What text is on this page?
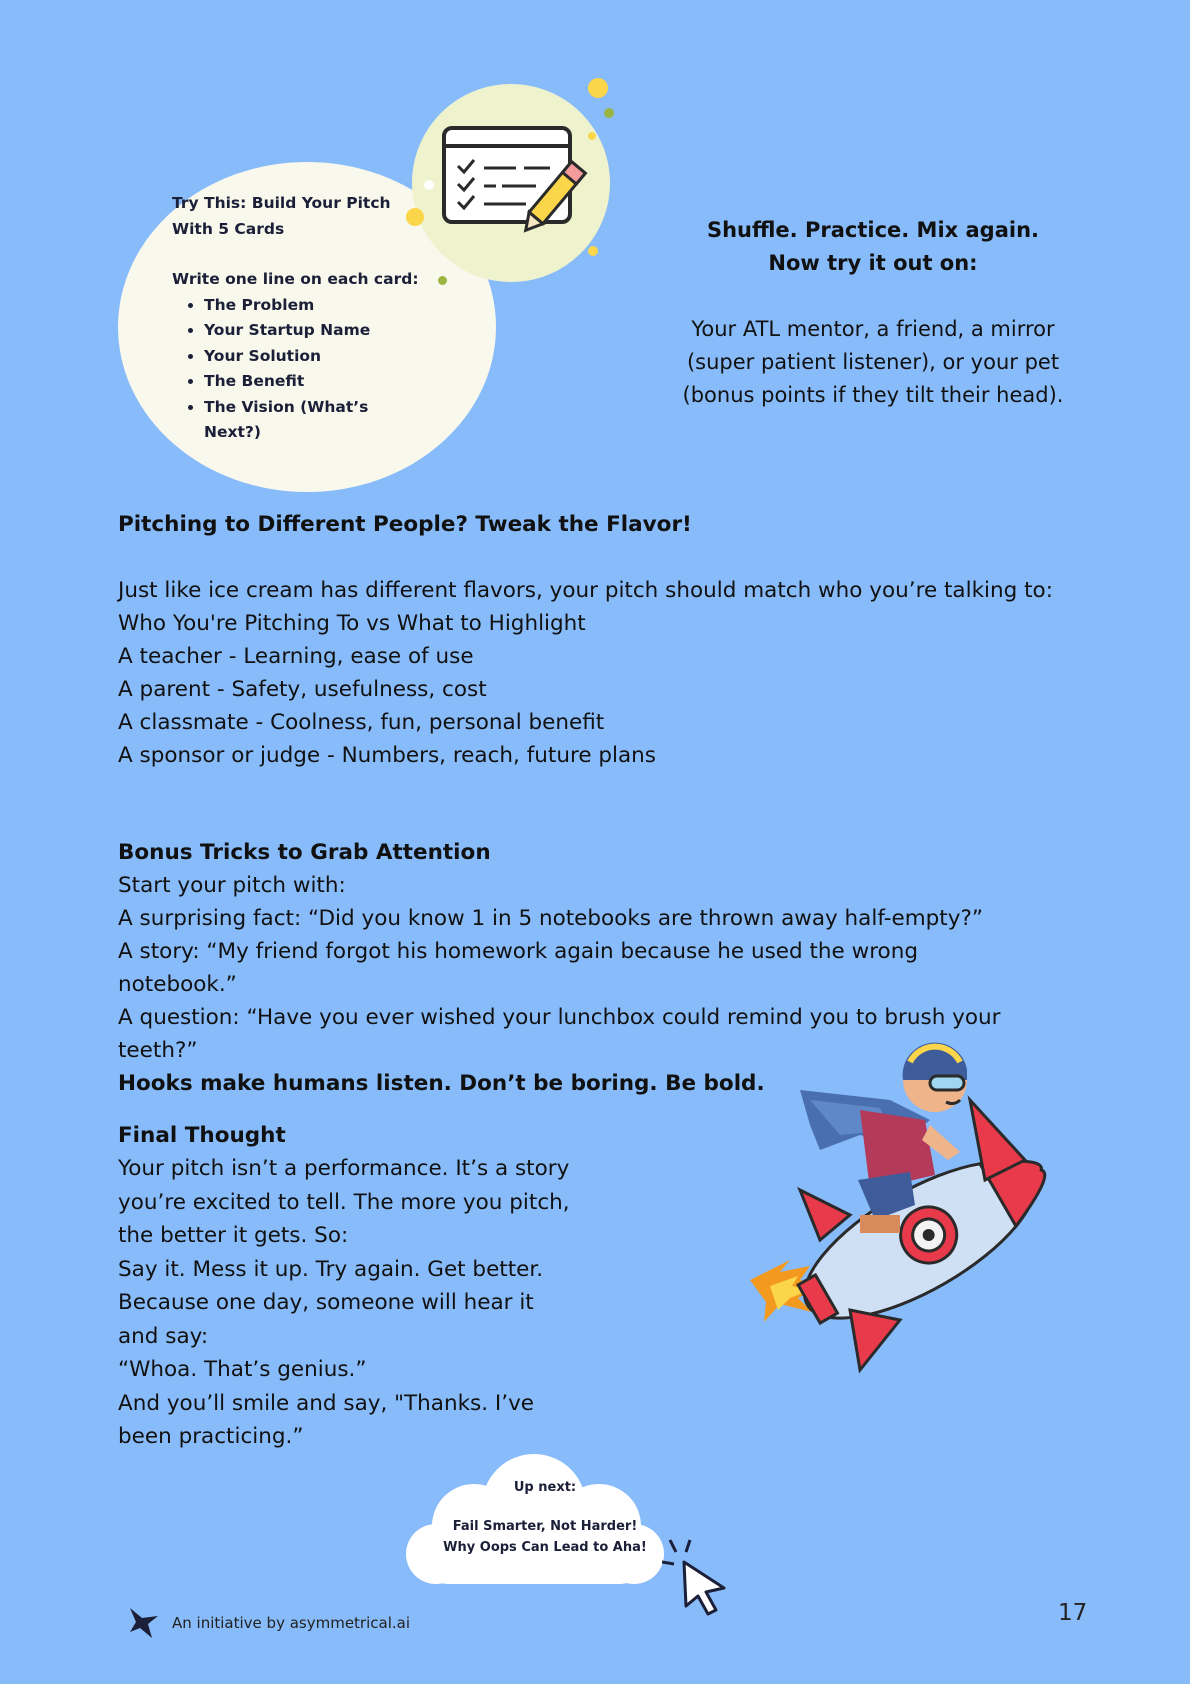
Try This: Build Your Pitch

With 5 Cards

Write one line on each card:

• The Problem
• Your Startup Name
• Your Solution
• The Benefit
• The Vision (What’s Next?)

Shuffle. Practice. Mix again. Now try it out on:

Your ATL mentor, a friend, a mirror (super patient listener), or your pet (bonus points if they tilt their head).

Pitching to Different People? Tweak the Flavor!

Just like ice cream has different flavors, your pitch should match who you’re talking to:

Who You're Pitching To vs What to Highlight

A teacher - Learning, ease of use

A parent - Safety, usefulness, cost

A classmate - Coolness, fun, personal benefit

A sponsor or judge - Numbers, reach, future plans

Bonus Tricks to Grab Attention

Start your pitch with:

A surprising fact: “Did you know 1 in 5 notebooks are thrown away half-empty?”

A story: “My friend forgot his homework again because he used the wrong notebook.”

A question: “Have you ever wished your lunchbox could remind you to brush your teeth?”

Hooks make humans listen. Don’t be boring. Be bold.

Final Thought

Your pitch isn’t a performance. It’s a story

you’re excited to tell. The more you pitch,

the better it gets. So:

Say it. Mess it up. Try again. Get better.

Because one day, someone will hear it

and say:

“Whoa. That’s genius.”

And you’ll smile and say, "Thanks. I’ve

been practicing.”

Up next:
Fail Smarter, Not Harder!
Why Oops Can Lead to Aha!
An initiative by asymmetrical.ai	17
